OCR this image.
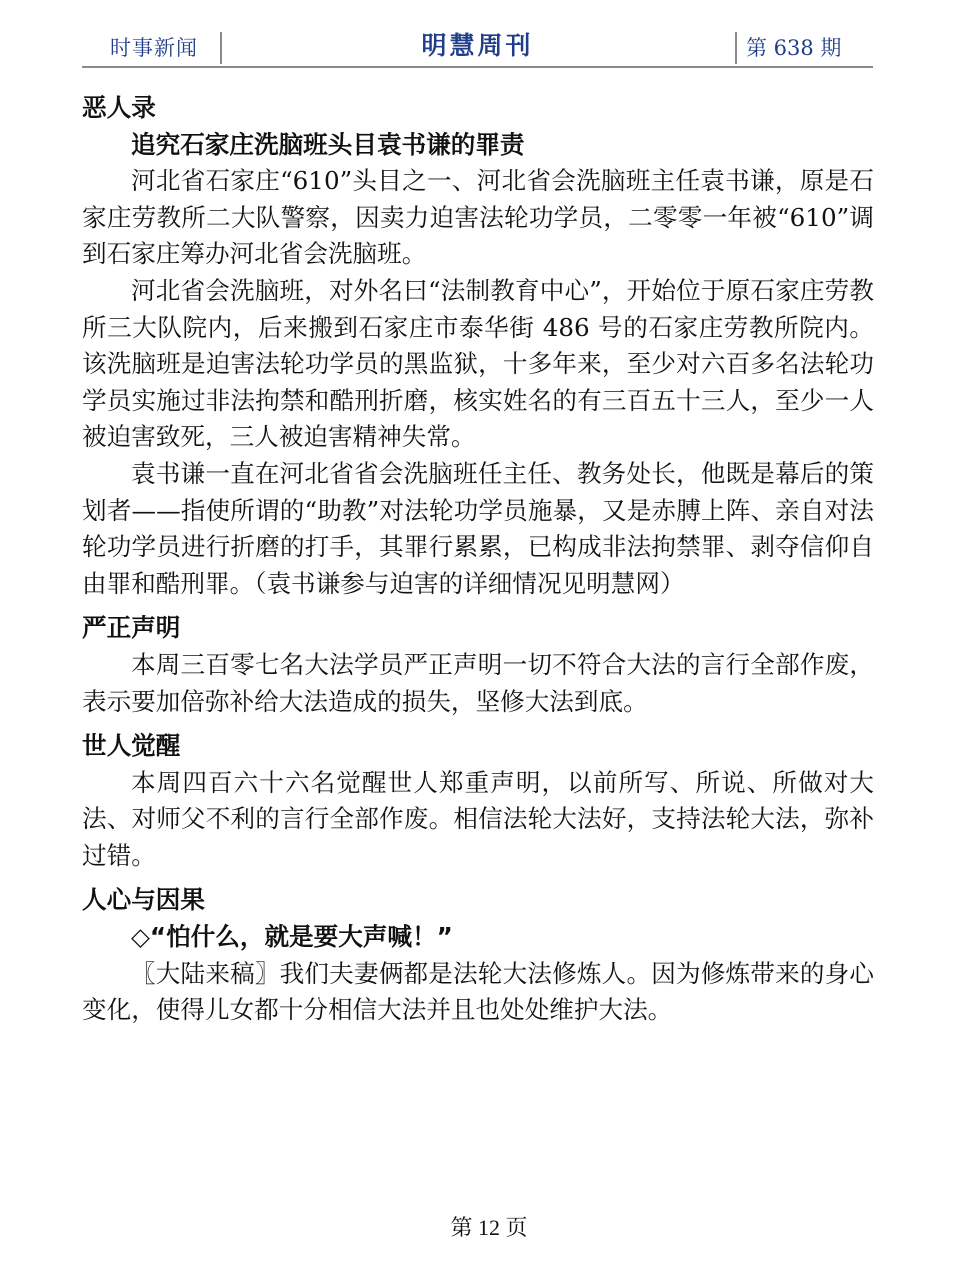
时事新闻	明慧周刊	第 638 期

恶人录

追究石家庄洗脑班头目袁书谦的罪责

河北省石家庄“610”头目之一、河北省会洗脑班主任袁书谦，原是石家庄劳教所二大队警察，因卖力迫害法轮功学员，二零零一年被“610”调到石家庄筹办河北省会洗脑班。

河北省会洗脑班，对外名曰“法制教育中心”，开始位于原石家庄劳教所三大队院内，后来搬到石家庄市泰华街 486 号的石家庄劳教所院内。该洗脑班是迫害法轮功学员的黑监狱，十多年来，至少对六百多名法轮功学员实施过非法拘禁和酷刑折磨，核实姓名的有三百五十三人，至少一人被迫害致死，三人被迫害精神失常。

袁书谦一直在河北省省会洗脑班任主任、教务处长，他既是幕后的策划者——指使所谓的“助教”对法轮功学员施暴，又是赤膊上阵、亲自对法轮功学员进行折磨的打手，其罪行累累，已构成非法拘禁罪、剥夺信仰自由罪和酷刑罪。（袁书谦参与迫害的详细情况见明慧网）

严正声明

本周三百零七名大法学员严正声明一切不符合大法的言行全部作废，表示要加倍弥补给大法造成的损失，坚修大法到底。

世人觉醒

本周四百六十六名觉醒世人郑重声明，以前所写、所说、所做对大法、对师父不利的言行全部作废。相信法轮大法好，支持法轮大法，弥补过错。

人心与因果

◇“怕什么，就是要大声喊！”

〖大陆来稿〗我们夫妻俩都是法轮大法修炼人。因为修炼带来的身心变化，使得儿女都十分相信大法并且也处处维护大法。

第 12 页
